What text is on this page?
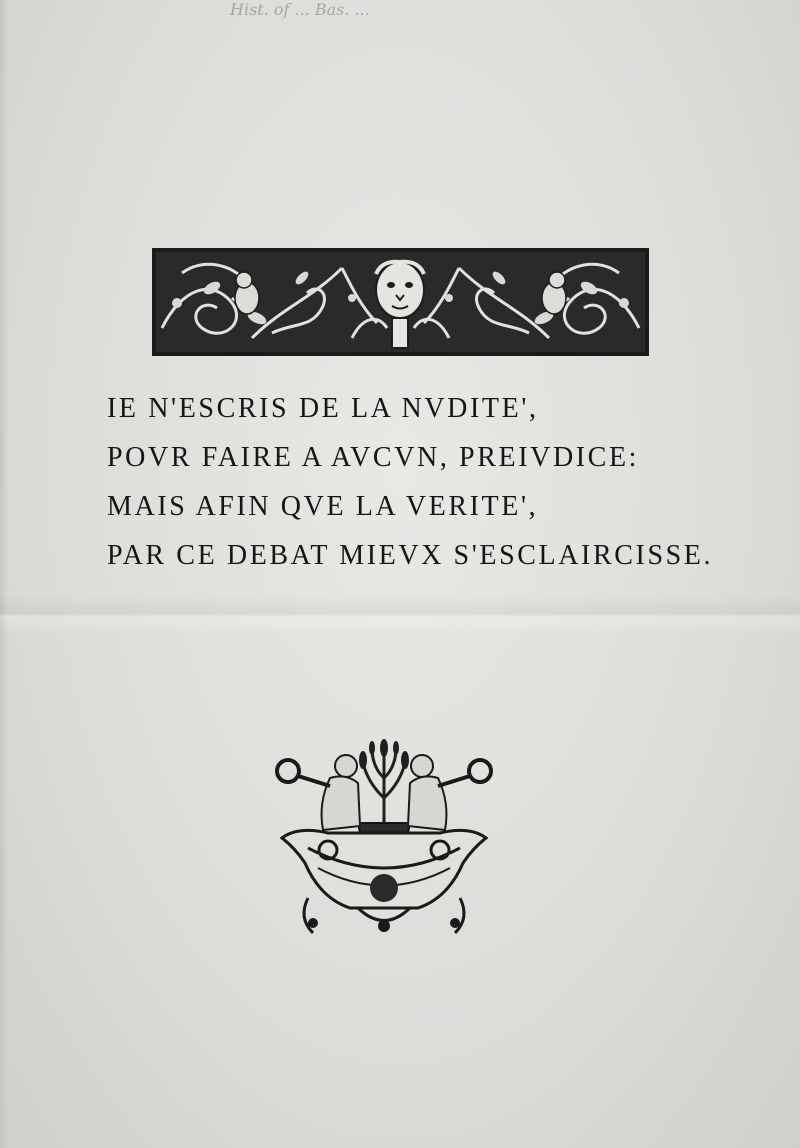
Hist. of ... Bas. ...
IE N'ESCRIS DE LA NVDITE',
POVR FAIRE A AVCVN, PREIVDICE:
MAIS AFIN QVE LA VERITE',
PAR CE DEBAT MIEVX S'ESCLAIRCISSE.
